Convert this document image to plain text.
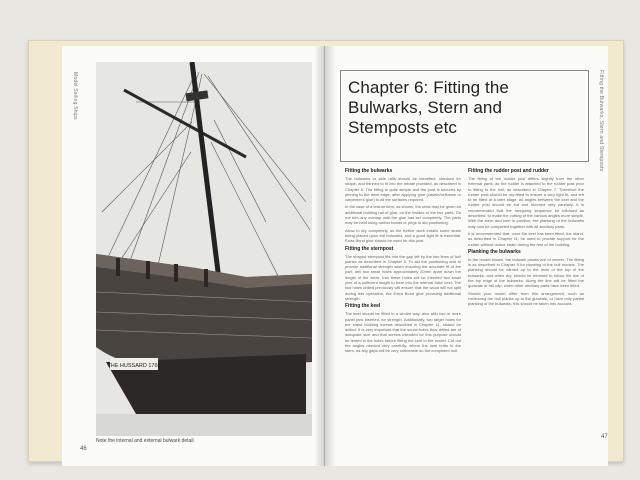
Model Sailing Ships
THE HUSSARD 1766
Note the internal and external bulwark detail
46
Fitting the Bulwarks, Stern and Stemposts
Chapter 6: Fitting the Bulwarks, Stern and Stemposts etc
Fitting the bulwarks

The bulwarks or side rails should be identified, checked for shape, and thinned to fit into the rebate provided, as described in Chapter 5. The fitting is quite simple and the post is secured by pinning to the deck edge, after applying glue (casein/cellulose or carpenter's glue) to all the surfaces required.

In the case of a leisure item, as shown, the crew may be given an additional building rail of glue, on the insides of the two parts. Do not trim any overlap until the glue has set completely. The parts may be held using rubber bands or pegs to aid positioning.

Allow to dry completely, as the further work entails some strain being placed upon the bulwarks, and a good tight fit is essential. Extra Bond glue should be used for this joint.

Fitting the sternpost

The shaped sternpost fits into the gap left by the two lines of hull planks as described in Chapter 5. To aid the positioning and to provide additional strength when ensuring the accurate fit of the part, drill two small holes approximately 20mm apart down the length of the stern. Into these holes will be inserted two small pins of a sufficient length to bear into the internal false keel. The two holes drilled previously will ensure that the wood will not split during this operation, the Extra Bond glue providing additional strength.

Fitting the keel

The keel should be fitted in a similar way, also with two or more panel pins inserted, for strength. Additionally, two larger holes for the stand building screws described in Chapter 11, should be drilled. It is very important that the screw holes thus drilled are of adequate size and that screws intended for this purpose should be tested in the holes before fitting the keel to the model. Cut out the angles needed very carefully, where the keel butts to the stern, as any gaps will be very noticeable on the completed hull.

Fitting the rudder post and rudder

The fitting of the rudder post differs slightly from the other external parts, as the rudder is attached to the rudder post prior to fitting to the hull, as described in Chapter 7. Therefore the rudder post should be dry-fitted to ensure a very tight fit, and left to be fitted at a later stage. All angles between the keel and the rudder post should be cut and trimmed very carefully. It is recommended that the foregoing sequence be followed as described, to make the cutting of the various angles more simple. With the stern and keel in position, the planking of the bulwarks may now be completed together with all ancillary parts.

It is recommended that, once the keel has been fitted, the stand, as described in Chapter 11, be used to provide support for the rudder without undue strain during the rest of the building.

Planking the bulwarks

In the model shown, the bulwark planks are of veneer. The fitting is as described in Chapter 5 for planking of the hull models. The planking should be carried up to the level of the top of the bulwarks, and when dry, should be trimmed to follow the line of the top edge of the bulwarks. Along the line will be fitted the gunwale or rail cap, when other ancillary parts have been fitted.

Should your model differ from this arrangement, such as continuing the hull planks up to the gunwale, or have only partial planking of the bulwarks, this should be taken into account.

47
